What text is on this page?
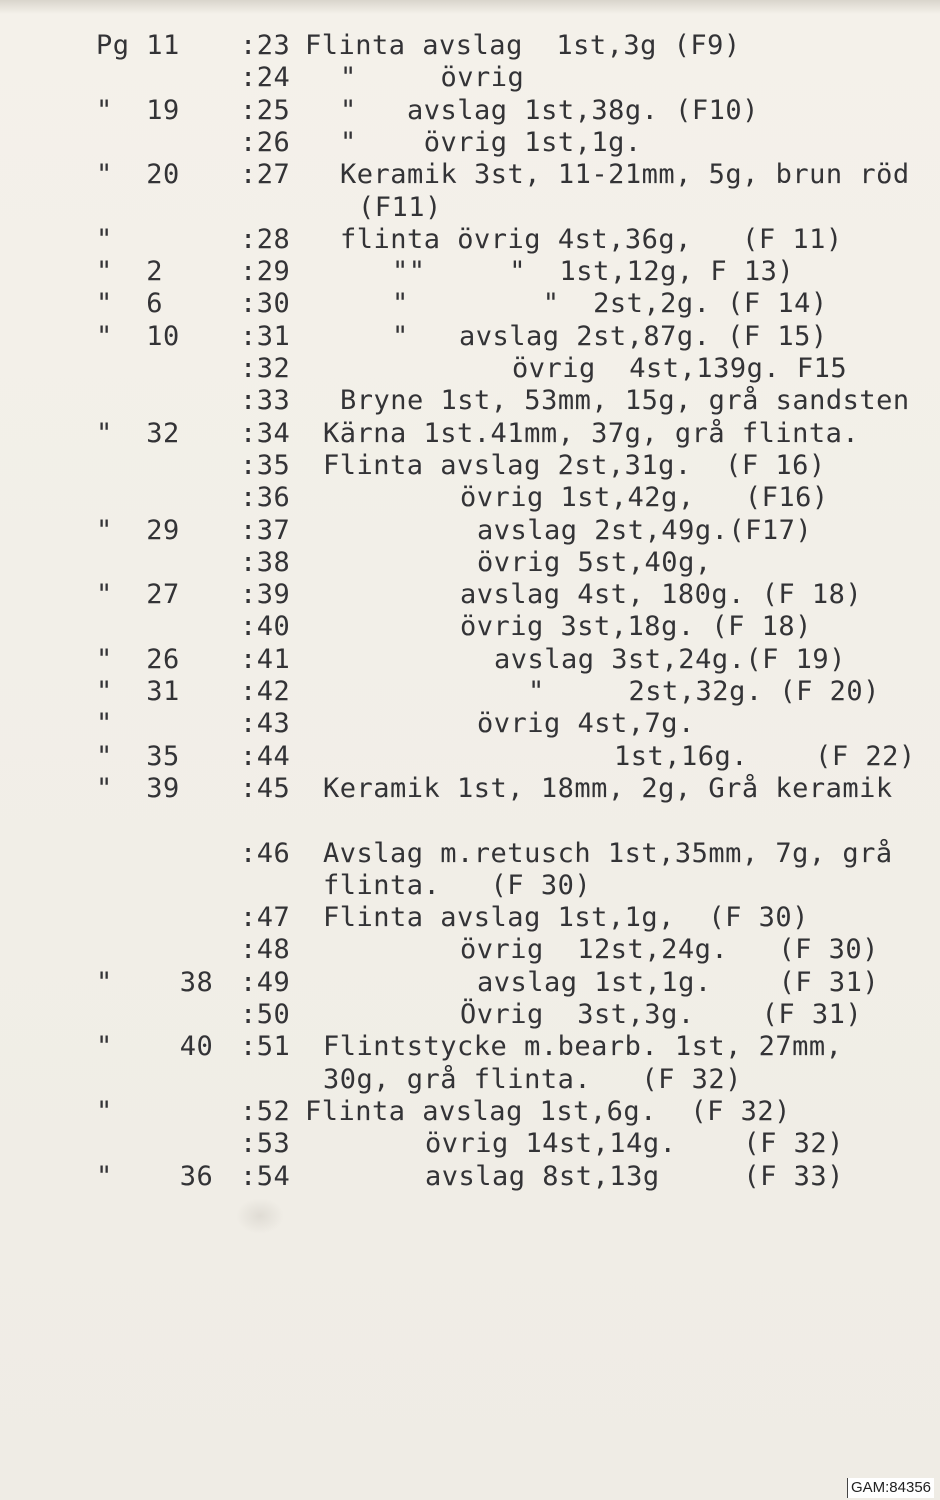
Pg 11 :23 Flinta avslag  1st,3g (F9)
:24 "     övrig
"  19 :25 "   avslag 1st,38g. (F10)
:26 "    övrig 1st,1g.
"  20 :27 Keramik 3st, 11-21mm, 5g, brun röd
(F11)
"	:28 flinta övrig 4st,36g,   (F 11)
"  2	:29	""     "  1st,12g, F 13)
"  6	:30	"        "  2st,2g. (F 14)
"  10 :31	"   avslag 2st,87g. (F 15)
:32	övrig  4st,139g. F15
:33 Bryne 1st, 53mm, 15g, grå sandsten
"  32 :34 Kärna 1st.41mm, 37g, grå flinta.
:35 Flinta avslag 2st,31g.  (F 16)
:36	övrig 1st,42g,   (F16)
"  29 :37	avslag 2st,49g.(F17)
:38	övrig 5st,40g,
"  27 :39	avslag 4st, 180g. (F 18)
:40	övrig 3st,18g. (F 18)
"  26 :41	avslag 3st,24g.(F 19)
"  31 :42	"     2st,32g. (F 20)
"	:43	övrig 4st,7g.
"  35 :44	1st,16g.    (F 22)
"  39 :45 Keramik 1st, 18mm, 2g, Grå keramik
:46 Avslag m.retusch 1st,35mm, 7g, grå
flinta.   (F 30)
:47 Flinta avslag 1st,1g,  (F 30)
:48	övrig  12st,24g.   (F 30)
"    38 :49	avslag 1st,1g.    (F 31)
:50	Övrig  3st,3g.    (F 31)
"    40 :51 Flintstycke m.bearb. 1st, 27mm,
30g, grå flinta.   (F 32)
"	:52 Flinta avslag 1st,6g.  (F 32)
:53	övrig 14st,14g.    (F 32)
"    36 :54	avslag 8st,13g     (F 33)
GAM:84356
